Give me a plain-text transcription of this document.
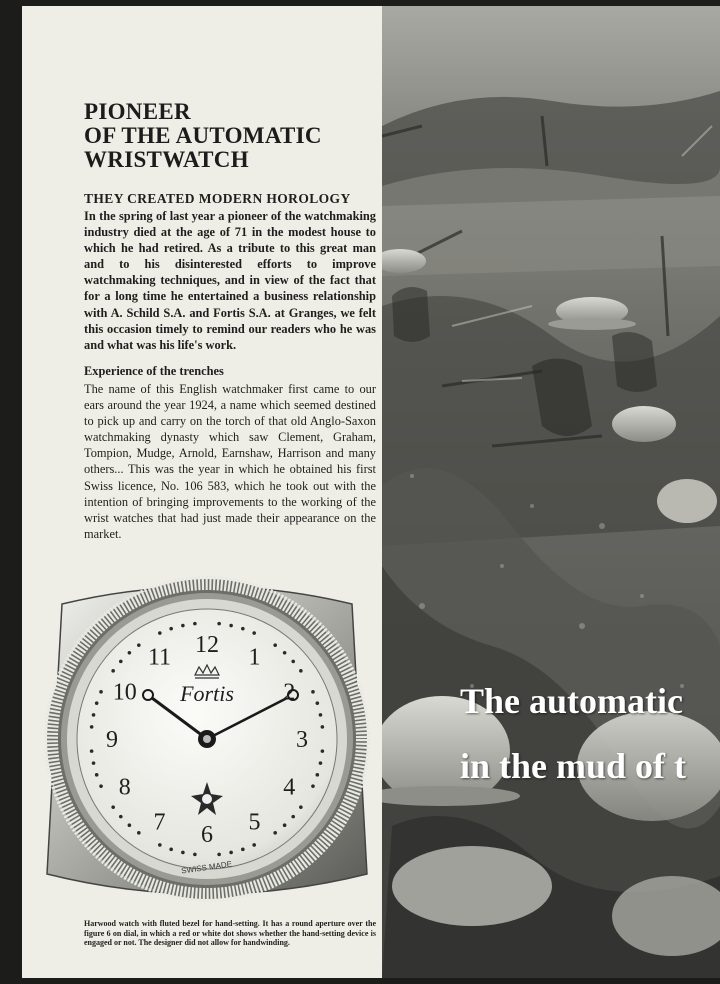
The automatic
in the mud of t
PIONEER
OF THE AUTOMATIC
WRISTWATCH
THEY CREATED MODERN HOROLOGY
In the spring of last year a pioneer of the watchmaking industry died at the age of 71 in the modest house to which he had retired. As a tribute to this great man and to his disinterested efforts to improve watchmaking techniques, and in view of the fact that for a long time he entertained a business relationship with A. Schild S.A. and Fortis S.A. at Granges, we felt this occasion timely to remind our readers who he was and what was his life's work.
Experience of the trenches
The name of this English watchmaker first came to our ears around the year 1924, a name which seemed destined to pick up and carry on the torch of that old Anglo-Saxon watchmaking dynasty which saw Clement, Graham, Tompion, Mudge, Arnold, Earnshaw, Harrison and many others... This was the year in which he obtained his first Swiss licence, No. 106 583, which he took out with the intention of bringing improvements to the working of the wrist watches that had just made their appearance on the market.
12 1
2
3
4
5
6
7
8
9
10
11
Fortis
SWISS MADE
Harwood watch with fluted bezel for hand-setting. It has a round aperture over the figure 6 on dial, in which a red or white dot shows whether the hand-setting device is engaged or not. The designer did not allow for handwinding.
